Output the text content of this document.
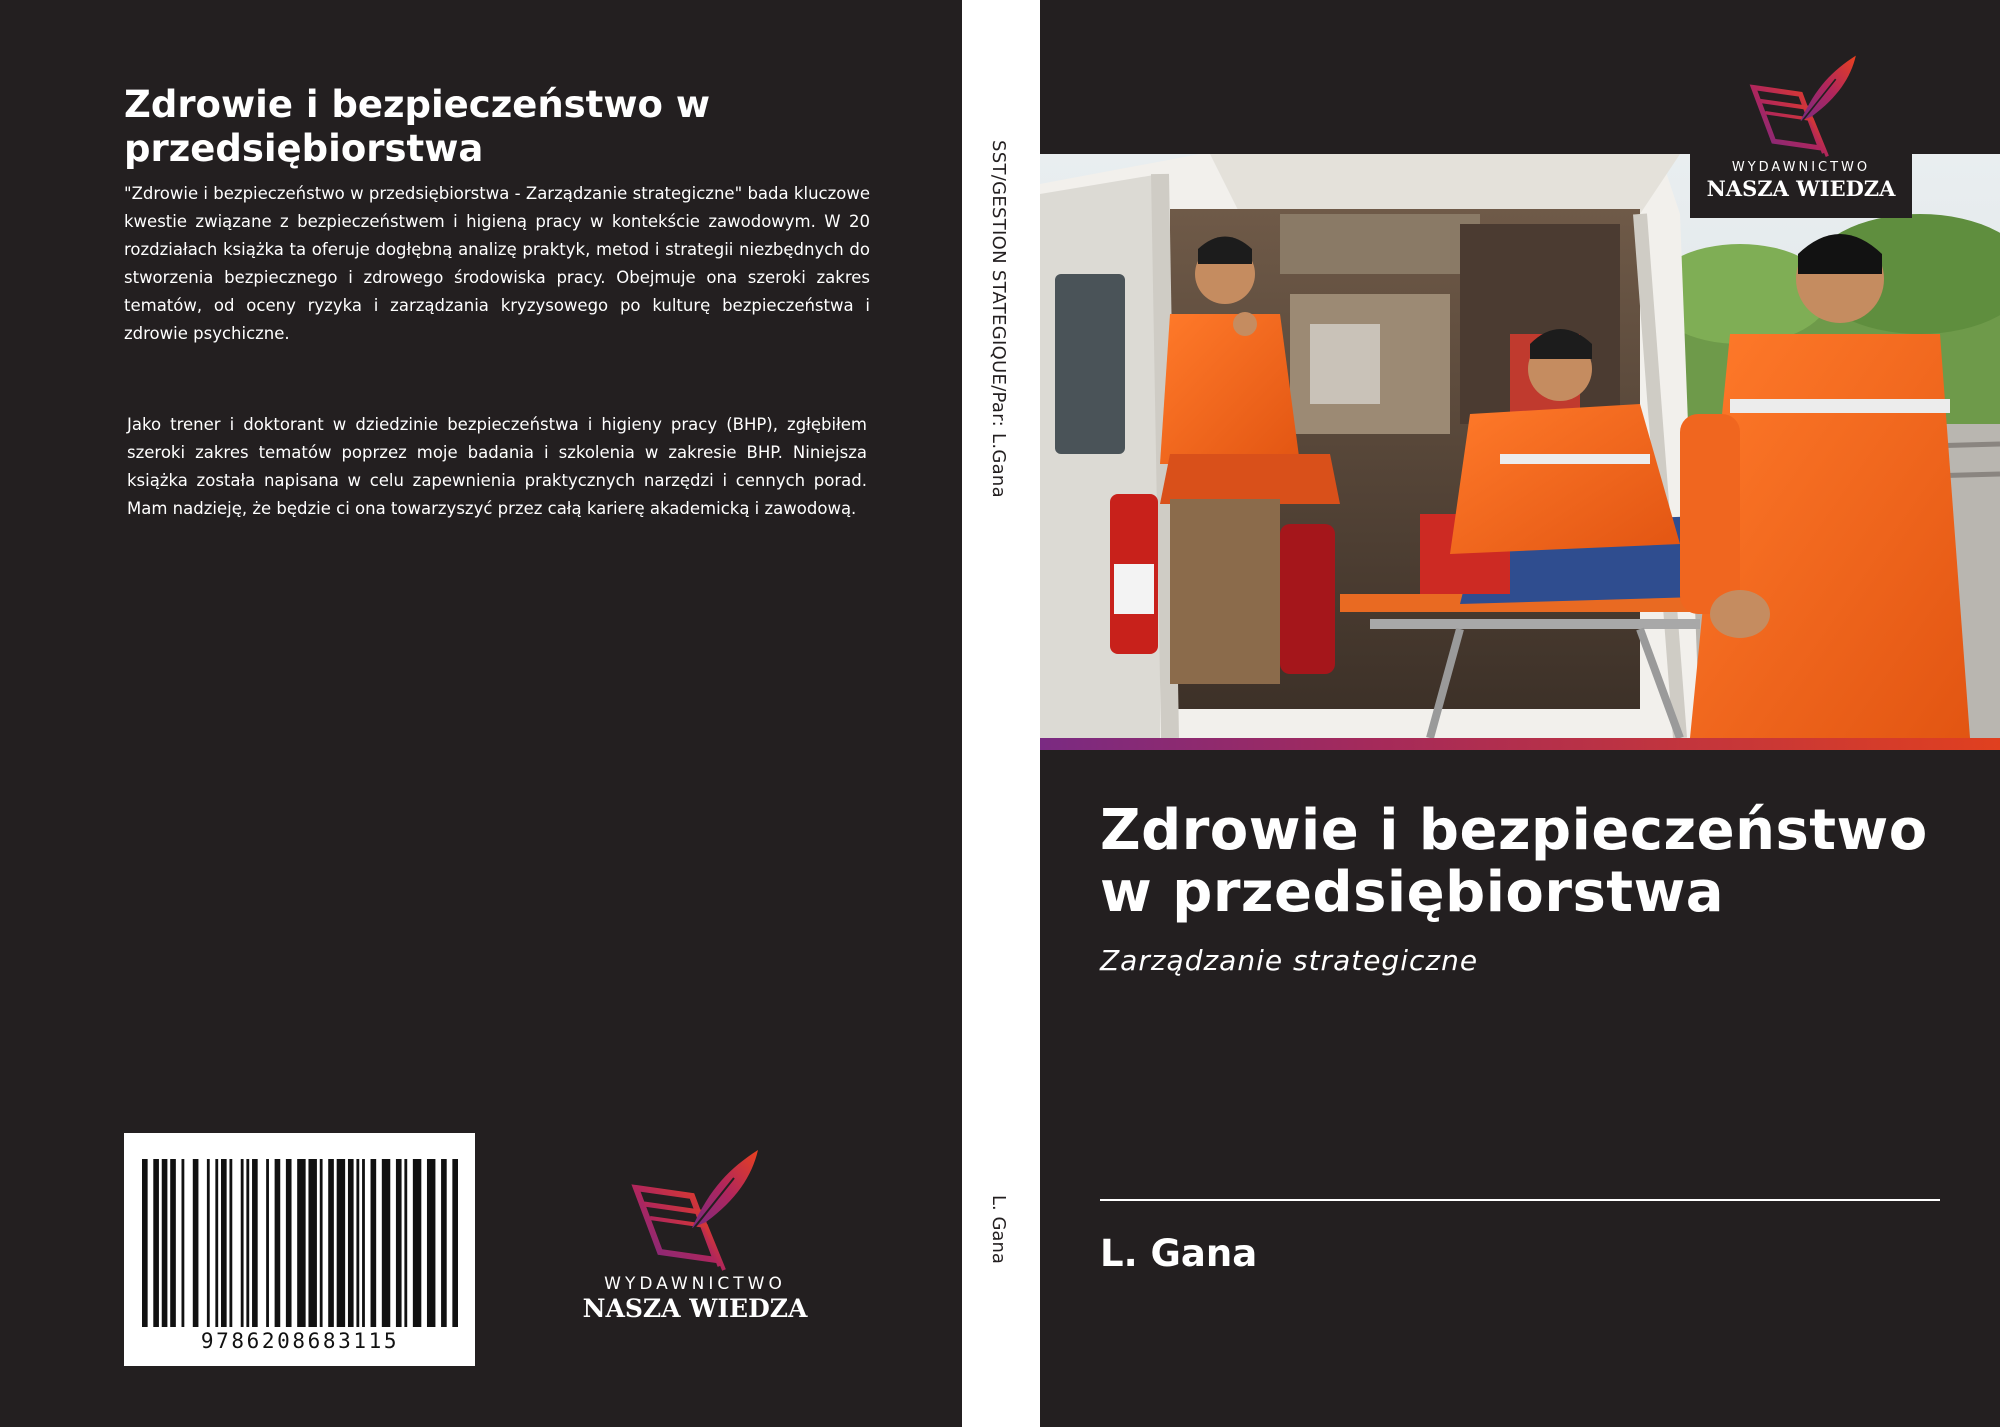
Zdrowie i bezpieczeństwo w przedsiębiorstwa

"Zdrowie i bezpieczeństwo w przedsiębiorstwa - Zarządzanie strategiczne" bada kluczowe kwestie związane z bezpieczeństwem i higieną pracy w kontekście zawodowym. W 20 rozdziałach książka ta oferuje dogłębną analizę praktyk, metod i strategii niezbędnych do stworzenia bezpiecznego i zdrowego środowiska pracy. Obejmuje ona szeroki zakres tematów, od oceny ryzyka i zarządzania kryzysowego po kulturę bezpieczeństwa i zdrowie psychiczne.

Jako trener i doktorant w dziedzinie bezpieczeństwa i higieny pracy (BHP), zgłębiłem szeroki zakres tematów poprzez moje badania i szkolenia w zakresie BHP. Niniejsza książka została napisana w celu zapewnienia praktycznych narzędzi i cennych porad. Mam nadzieję, że będzie ci ona towarzyszyć przez całą karierę akademicką i zawodową.

9786208683115
WYDAWNICTWO
NASZA WIEDZA
SST/GESTION STATEGIQUE/Par: L.Gana
L. Gana
WYDAWNICTWO
NASZA WIEDZA
Zdrowie i bezpieczeństwo w przedsiębiorstwa
Zarządzanie strategiczne
L. Gana
